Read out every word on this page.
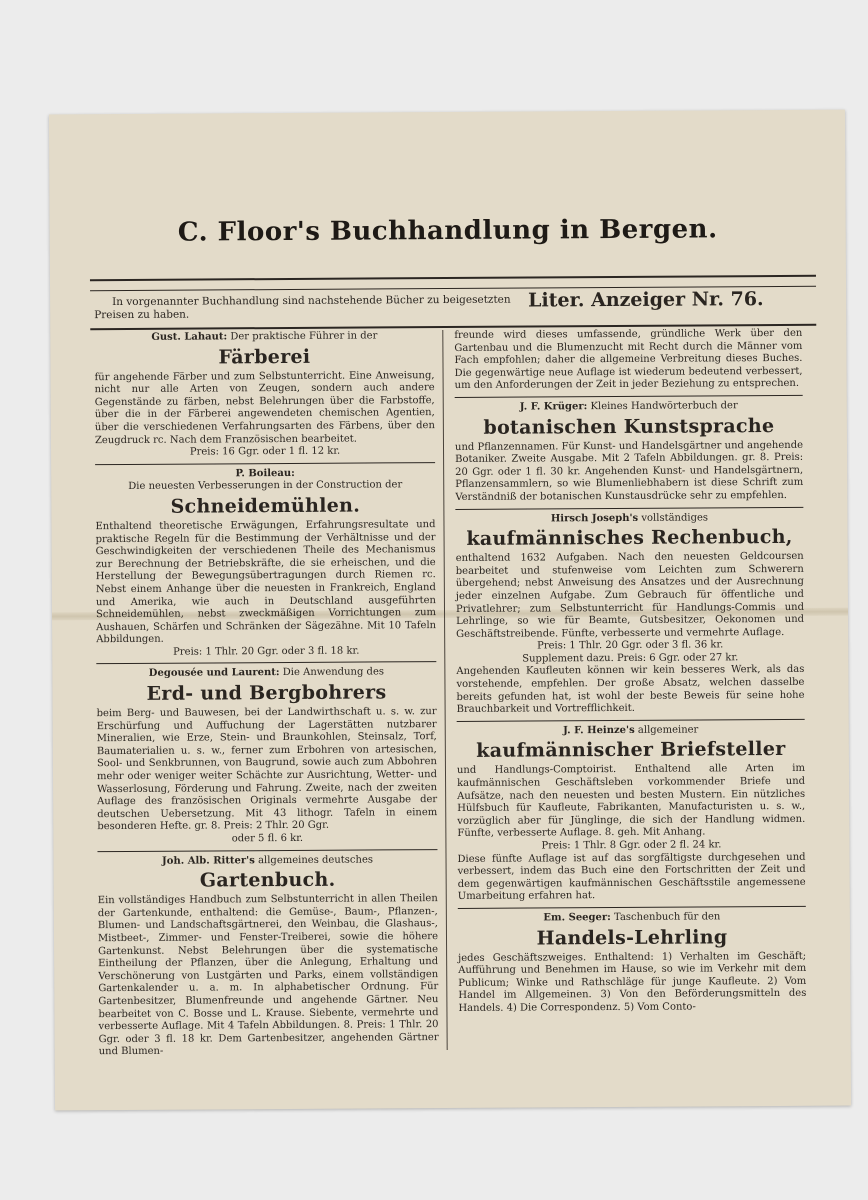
C. Floor's Buchhandlung in Bergen.
In vorgenannter Buchhandlung sind nachstehende Bücher zu beigesetzten Preisen zu haben.
Liter. Anzeiger Nr. 76.
Gust. Lahaut: Der praktische Führer in der
Färberei
für angehende Färber und zum Selbstunterricht. Eine Anweisung, nicht nur alle Arten von Zeugen, sondern auch andere Gegenstände zu färben, nebst Belehrungen über die Farbstoffe, über die in der Färberei angewendeten chemischen Agentien, über die verschiedenen Verfahrungsarten des Färbens, über den Zeugdruck rc. Nach dem Französischen bearbeitet.
Preis: 16 Ggr. oder 1 fl. 12 kr.
P. Boileau:
Die neuesten Verbesserungen in der Construction der
Schneidemühlen.
Enthaltend theoretische Erwägungen, Erfahrungsresultate und praktische Regeln für die Bestimmung der Verhältnisse und der Geschwindigkeiten der verschiedenen Theile des Mechanismus zur Berechnung der Betriebskräfte, die sie erheischen, und die Herstellung der Bewegungsübertragungen durch Riemen rc. Nebst einem Anhange über die neuesten in Frankreich, England und Amerika, wie auch in Deutschland ausgeführten Schneidemühlen, nebst zweckmäßigen Vorrichtungen zum Aushauen, Schärfen und Schränken der Sägezähne. Mit 10 Tafeln Abbildungen.
Preis: 1 Thlr. 20 Ggr. oder 3 fl. 18 kr.
Degousée und Laurent: Die Anwendung des
Erd- und Bergbohrers
beim Berg- und Bauwesen, bei der Landwirthschaft u. s. w. zur Erschürfung und Auffuchung der Lagerstätten nutzbarer Mineralien, wie Erze, Stein- und Braunkohlen, Steinsalz, Torf, Baumaterialien u. s. w., ferner zum Erbohren von artesischen, Sool- und Senkbrunnen, von Baugrund, sowie auch zum Abbohren mehr oder weniger weiter Schächte zur Ausrichtung, Wetter- und Wasserlosung, Förderung und Fahrung. Zweite, nach der zweiten Auflage des französischen Originals vermehrte Ausgabe der deutschen Uebersetzung. Mit 43 lithogr. Tafeln in einem besonderen Hefte. gr. 8. Preis: 2 Thlr. 20 Ggr.
oder 5 fl. 6 kr.
Joh. Alb. Ritter's allgemeines deutsches
Gartenbuch.
Ein vollständiges Handbuch zum Selbstunterricht in allen Theilen der Gartenkunde, enthaltend: die Gemüse-, Baum-, Pflanzen-, Blumen- und Landschaftsgärtnerei, den Weinbau, die Glashaus-, Mistbeet-, Zimmer- und Fenster-Treiberei, sowie die höhere Gartenkunst. Nebst Belehrungen über die systematische Eintheilung der Pflanzen, über die Anlegung, Erhaltung und Verschönerung von Lustgärten und Parks, einem vollständigen Gartenkalender u. a. m. In alphabetischer Ordnung. Für Gartenbesitzer, Blumenfreunde und angehende Gärtner. Neu bearbeitet von C. Bosse und L. Krause. Siebente, vermehrte und verbesserte Auflage. Mit 4 Tafeln Abbildungen. 8. Preis: 1 Thlr. 20 Ggr. oder 3 fl. 18 kr. Dem Gartenbesitzer, angehenden Gärtner und Blumen-
freunde wird dieses umfassende, gründliche Werk über den Gartenbau und die Blumenzucht mit Recht durch die Männer vom Fach empfohlen; daher die allgemeine Verbreitung dieses Buches. Die gegenwärtige neue Auflage ist wiederum bedeutend verbessert, um den Anforderungen der Zeit in jeder Beziehung zu entsprechen.
J. F. Krüger: Kleines Handwörterbuch der
botanischen Kunstsprache
und Pflanzennamen. Für Kunst- und Handelsgärtner und angehende Botaniker. Zweite Ausgabe. Mit 2 Tafeln Abbildungen. gr. 8. Preis: 20 Ggr. oder 1 fl. 30 kr. Angehenden Kunst- und Handelsgärtnern, Pflanzensammlern, so wie Blumenliebhabern ist diese Schrift zum Verständniß der botanischen Kunstausdrücke sehr zu empfehlen.
Hirsch Joseph's vollständiges
kaufmännisches Rechenbuch,
enthaltend 1632 Aufgaben. Nach den neuesten Geldcoursen bearbeitet und stufenweise vom Leichten zum Schwerern übergehend; nebst Anweisung des Ansatzes und der Ausrechnung jeder einzelnen Aufgabe. Zum Gebrauch für öffentliche und Privatlehrer; zum Selbstunterricht für Handlungs-Commis und Lehrlinge, so wie für Beamte, Gutsbesitzer, Oekonomen und Geschäftstreibende. Fünfte, verbesserte und vermehrte Auflage.
Preis: 1 Thlr. 20 Ggr. oder 3 fl. 36 kr.
Supplement dazu. Preis: 6 Ggr. oder 27 kr.
Angehenden Kaufleuten können wir kein besseres Werk, als das vorstehende, empfehlen. Der große Absatz, welchen dasselbe bereits gefunden hat, ist wohl der beste Beweis für seine hohe Brauchbarkeit und Vortrefflichkeit.
J. F. Heinze's allgemeiner
kaufmännischer Briefsteller
und Handlungs-Comptoirist. Enthaltend alle Arten im kaufmännischen Geschäftsleben vorkommender Briefe und Aufsätze, nach den neuesten und besten Mustern. Ein nützliches Hülfsbuch für Kaufleute, Fabrikanten, Manufacturisten u. s. w., vorzüglich aber für Jünglinge, die sich der Handlung widmen. Fünfte, verbesserte Auflage. 8. geh. Mit Anhang.
Preis: 1 Thlr. 8 Ggr. oder 2 fl. 24 kr.
Diese fünfte Auflage ist auf das sorgfältigste durchgesehen und verbessert, indem das Buch eine den Fortschritten der Zeit und dem gegenwärtigen kaufmännischen Geschäftsstile angemessene Umarbeitung erfahren hat.
Em. Seeger: Taschenbuch für den
Handels-Lehrling
jedes Geschäftszweiges. Enthaltend: 1) Verhalten im Geschäft; Aufführung und Benehmen im Hause, so wie im Verkehr mit dem Publicum; Winke und Rathschläge für junge Kaufleute. 2) Vom Handel im Allgemeinen. 3) Von den Beförderungsmitteln des Handels. 4) Die Correspondenz. 5) Vom Conto-
